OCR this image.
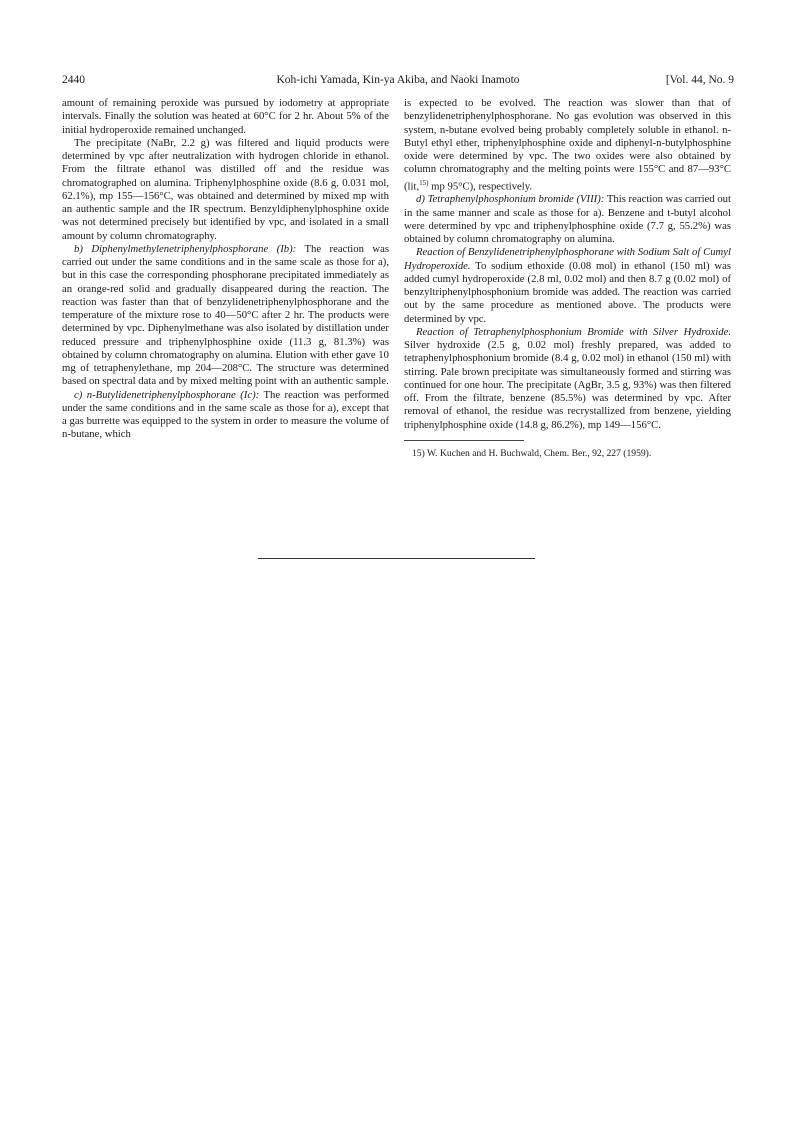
2440	Koh-ichi Yamada, Kin-ya Akiba, and Naoki Inamoto	[Vol. 44, No. 9

amount of remaining peroxide was pursued by iodometry at appropriate intervals. Finally the solution was heated at 60°C for 2 hr. About 5% of the initial hydroperoxide remained unchanged.

The precipitate (NaBr, 2.2 g) was filtered and liquid products were determined by vpc after neutralization with hydrogen chloride in ethanol. From the filtrate ethanol was distilled off and the residue was chromatographed on alumina. Triphenylphosphine oxide (8.6 g, 0.031 mol, 62.1%), mp 155—156°C, was obtained and determined by mixed mp with an authentic sample and the IR spectrum. Benzyldiphenylphosphine oxide was not determined precisely but identified by vpc, and isolated in a small amount by column chromatography.

b) Diphenylmethylenetriphenylphosphorane (Ib): The reaction was carried out under the same conditions and in the same scale as those for a), but in this case the corresponding phosphorane precipitated immediately as an orange-red solid and gradually disappeared during the reaction. The reaction was faster than that of benzylidenetriphenylphosphorane and the temperature of the mixture rose to 40—50°C after 2 hr. The products were determined by vpc. Diphenylmethane was also isolated by distillation under reduced pressure and triphenylphosphine oxide (11.3 g, 81.3%) was obtained by column chromatography on alumina. Elution with ether gave 10 mg of tetraphenylethane, mp 204—208°C. The structure was determined based on spectral data and by mixed melting point with an authentic sample.

c) n-Butylidenetriphenylphosphorane (Ic): The reaction was performed under the same conditions and in the same scale as those for a), except that a gas burrette was equipped to the system in order to measure the volume of n-butane, which

is expected to be evolved. The reaction was slower than that of benzylidenetriphenylphosphorane. No gas evolution was observed in this system, n-butane evolved being probably completely soluble in ethanol. n-Butyl ethyl ether, triphenylphosphine oxide and diphenyl-n-butylphosphine oxide were determined by vpc. The two oxides were also obtained by column chromatography and the melting points were 155°C and 87—93°C (lit,$^{15)}$ mp 95°C), respectively.

d) Tetraphenylphosphonium bromide (VIII): This reaction was carried out in the same manner and scale as those for a). Benzene and t-butyl alcohol were determined by vpc and triphenylphosphine oxide (7.7 g, 55.2%) was obtained by column chromatography on alumina.

Reaction of Benzylidenetriphenylphosphorane with Sodium Salt of Cumyl Hydroperoxide. To sodium ethoxide (0.08 mol) in ethanol (150 ml) was added cumyl hydroperoxide (2.8 ml, 0.02 mol) and then 8.7 g (0.02 mol) of benzyltriphenylphosphonium bromide was added. The reaction was carried out by the same procedure as mentioned above. The products were determined by vpc.

Reaction of Tetraphenylphosphonium Bromide with Silver Hydroxide. Silver hydroxide (2.5 g, 0.02 mol) freshly prepared, was added to tetraphenylphosphonium bromide (8.4 g, 0.02 mol) in ethanol (150 ml) with stirring. Pale brown precipitate was simultaneously formed and stirring was continued for one hour. The precipitate (AgBr, 3.5 g, 93%) was then filtered off. From the filtrate, benzene (85.5%) was determined by vpc. After removal of ethanol, the residue was recrystallized from benzene, yielding triphenylphosphine oxide (14.8 g, 86.2%), mp 149—156°C.

15) W. Kuchen and H. Buchwald, Chem. Ber., 92, 227 (1959).
